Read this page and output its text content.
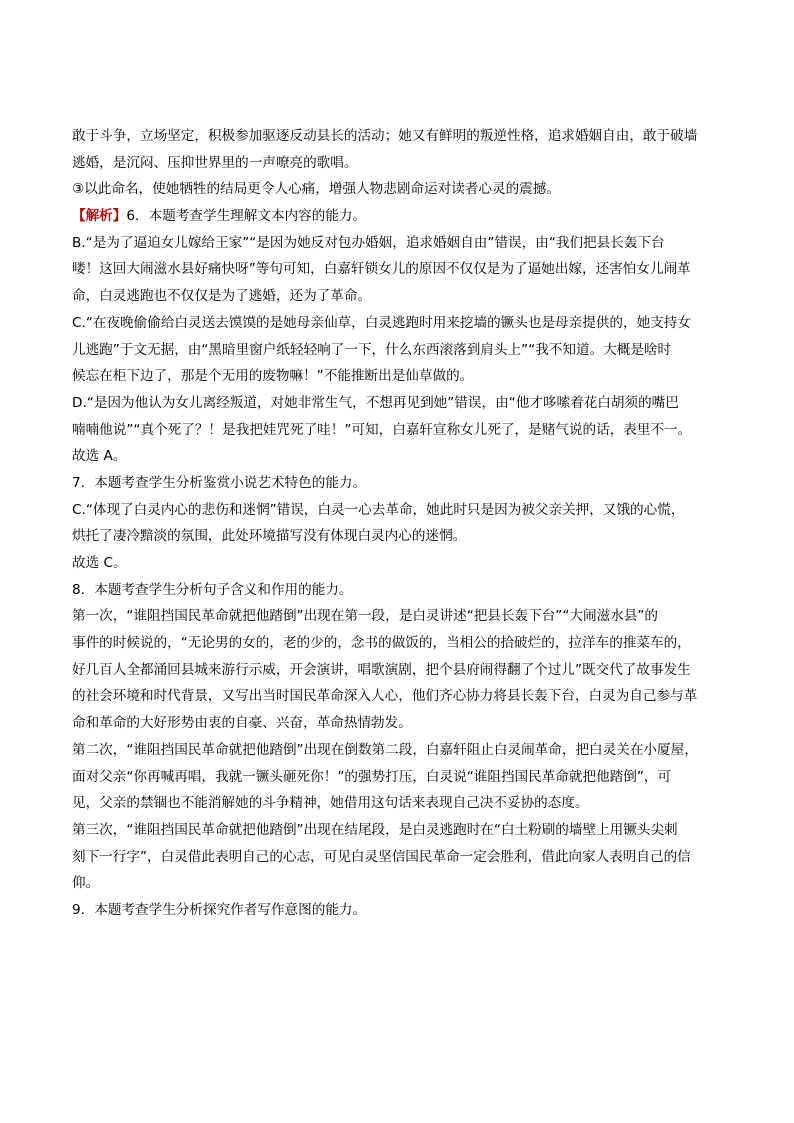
敢于斗争，立场坚定，积极参加驱逐反动县长的活动；她又有鲜明的叛逆性格，追求婚姻自由，敢于破墙
逃婚，是沉闷、压抑世界里的一声嘹亮的歌唱。
③以此命名，使她牺牲的结局更令人心痛，增强人物悲剧命运对读者心灵的震撼。
【解析】6．本题考查学生理解文本内容的能力。
B.“是为了逼迫女儿嫁给王家”“是因为她反对包办婚姻，追求婚姻自由”错误，由“我们把县长轰下台
喽！这回大闹滋水县好痛快呀”等句可知，白嘉轩锁女儿的原因不仅仅是为了逼她出嫁，还害怕女儿闹革
命，白灵逃跑也不仅仅是为了逃婚，还为了革命。
C.“在夜晚偷偷给白灵送去馍馍的是她母亲仙草，白灵逃跑时用来挖墙的镢头也是母亲提供的，她支持女
儿逃跑”于文无据，由“黑暗里窗户纸轻轻响了一下，什么东西滚落到肩头上”“我不知道。大概是啥时
候忘在柜下边了，那是个无用的废物嘛！”不能推断出是仙草做的。
D.“是因为他认为女儿离经叛道，对她非常生气，不想再见到她”错误，由“他才哆嗦着花白胡须的嘴巴
喃喃他说”“真个死了？！是我把娃咒死了哇！”可知，白嘉轩宣称女儿死了，是赌气说的话，表里不一。
故选 A。
7．本题考查学生分析鉴赏小说艺术特色的能力。
C.“体现了白灵内心的悲伤和迷惘”错误，白灵一心去革命，她此时只是因为被父亲关押，又饿的心慌，
烘托了凄冷黯淡的氛围，此处环境描写没有体现白灵内心的迷惘。
故选 C。
8．本题考查学生分析句子含义和作用的能力。
第一次，“谁阻挡国民革命就把他踏倒”出现在第一段，是白灵讲述“把县长轰下台”“大闹滋水县”的
事件的时候说的，“无论男的女的，老的少的，念书的做饭的，当相公的拾破烂的，拉洋车的推菜车的，
好几百人全都涌回县城来游行示威，开会演讲，唱歌演剧，把个县府闹得翻了个过儿”既交代了故事发生
的社会环境和时代背景，又写出当时国民革命深入人心，他们齐心协力将县长轰下台，白灵为自己参与革
命和革命的大好形势由衷的自豪、兴奋，革命热情勃发。
第二次，“谁阻挡国民革命就把他踏倒”出现在倒数第二段，白嘉轩阻止白灵闹革命，把白灵关在小厦屋，
面对父亲“你再喊再唱，我就一镢头砸死你！”的强势打压，白灵说“谁阻挡国民革命就把他踏倒”，可
见，父亲的禁锢也不能消解她的斗争精神，她借用这句话来表现自己决不妥协的态度。
第三次，“谁阻挡国民革命就把他踏倒”出现在结尾段，是白灵逃跑时在“白土粉刷的墙壁上用镢头尖刺
刻下一行字”，白灵借此表明自己的心志，可见白灵坚信国民革命一定会胜利，借此向家人表明自己的信
仰。
9．本题考查学生分析探究作者写作意图的能力。
